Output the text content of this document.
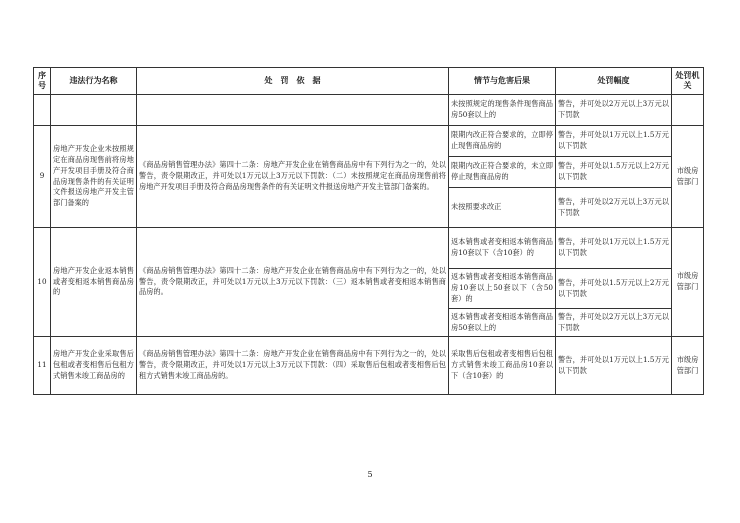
序号	违法行为名称	处　罚　依　据	情节与危害后果	处罚幅度	处罚机关
			未按照规定的现售条件现售商品房50套以上的	警告，并可处以2万元以上3万元以下罚款	
9	房地产开发企业未按照规定在商品房现售前将房地产开发项目手册及符合商品房现售条件的有关证明文件报送房地产开发主管部门备案的	《商品房销售管理办法》第四十二条：房地产开发企业在销售商品房中有下列行为之一的，处以警告，责令限期改正，并可处以1万元以上3万元以下罚款：（二）未按照规定在商品房现售前将房地产开发项目手册及符合商品房现售条件的有关证明文件报送房地产开发主管部门备案的。	限期内改正符合要求的，立即停止现售商品房的	警告，并可处以1万元以上1.5万元以下罚款	市级房管部门
			限期内改正符合要求的，未立即停止现售商品房的	警告，并可处以1.5万元以上2万元以下罚款	
			未按照要求改正	警告，并可处以2万元以上3万元以下罚款	
10	房地产开发企业返本销售或者变相返本销售商品房的	《商品房销售管理办法》第四十二条：房地产开发企业在销售商品房中有下列行为之一的，处以警告，责令限期改正，并可处以1万元以上3万元以下罚款：（三）返本销售或者变相返本销售商品房的。	返本销售或者变相返本销售商品房10套以下（含10套）的	警告，并可处以1万元以上1.5万元以下罚款	市级房管部门
			返本销售或者变相返本销售商品房10套以上50套以下（含50套）的	警告，并可处以1.5万元以上2万元以下罚款	
			返本销售或者变相返本销售商品房50套以上的	警告，并可处以2万元以上3万元以下罚款	
11	房地产开发企业采取售后包租或者变相售后包租方式销售未竣工商品房的	《商品房销售管理办法》第四十二条：房地产开发企业在销售商品房中有下列行为之一的，处以警告，责令限期改正，并可处以1万元以上3万元以下罚款：（四）采取售后包租或者变相售后包租方式销售未竣工商品房的。	采取售后包租或者变相售后包租方式销售未竣工商品房10套以下（含10套）的	警告，并可处以1万元以上1.5万元以下罚款	市级房管部门
5
